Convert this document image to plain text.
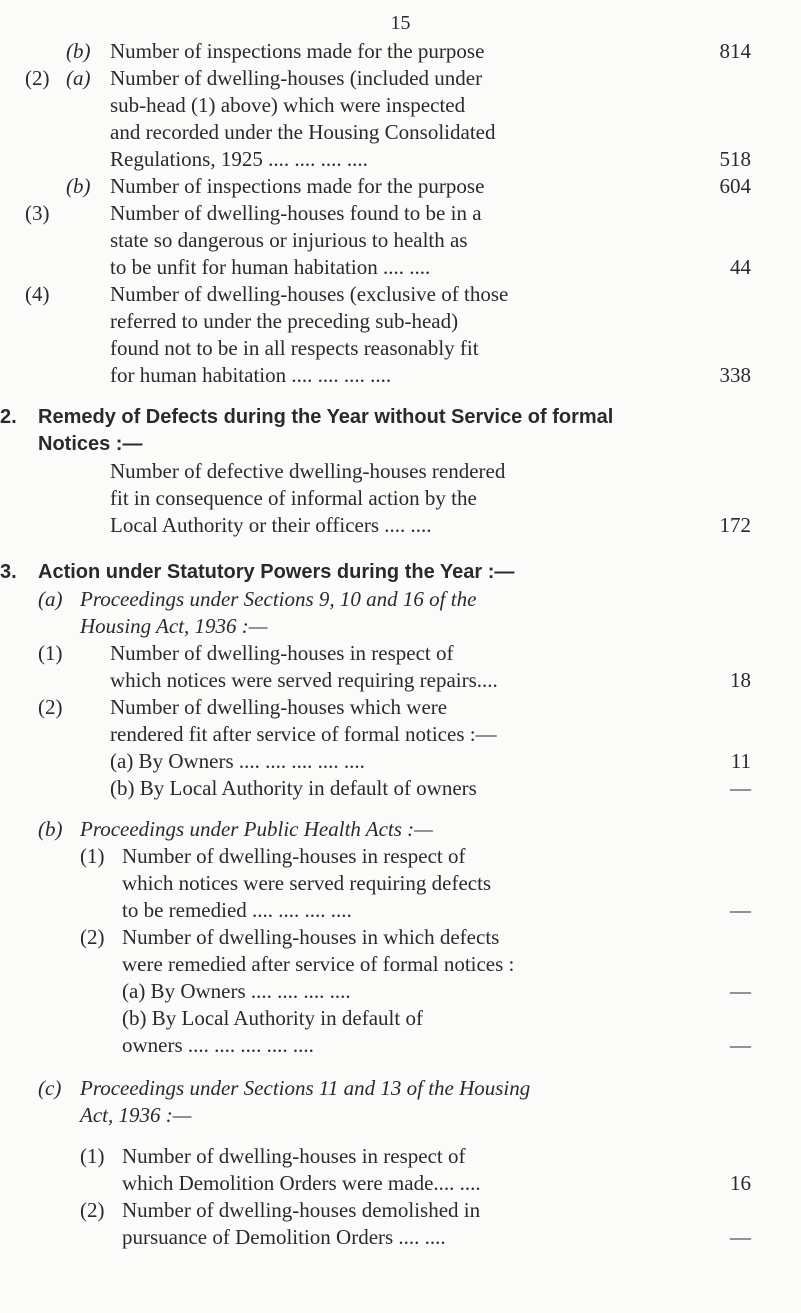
15
(b) Number of inspections made for the purpose	814
(2) (a) Number of dwelling-houses (included under
sub-head (1) above) which were inspected
and recorded under the Housing Consolidated
Regulations, 1925 .... .... .... ....	518
(b) Number of inspections made for the purpose	604
(3)	Number of dwelling-houses found to be in a
state so dangerous or injurious to health as
to be unfit for human habitation .... ....	44
(4)	Number of dwelling-houses (exclusive of those
referred to under the preceding sub-head)
found not to be in all respects reasonably fit
for human habitation .... .... .... ....	338
2. Remedy of Defects during the Year without Service of formal
Notices :—
Number of defective dwelling-houses rendered
fit in consequence of informal action by the
Local Authority or their officers .... ....	172
3. Action under Statutory Powers during the Year :—
(a) Proceedings under Sections 9, 10 and 16 of the
Housing Act, 1936 :—
(1) Number of dwelling-houses in respect of
which notices were served requiring repairs....	18
(2) Number of dwelling-houses which were
rendered fit after service of formal notices :—
(a) By Owners .... .... .... .... ....	11
(b) By Local Authority in default of owners	—
(b) Proceedings under Public Health Acts :—
(1) Number of dwelling-houses in respect of
which notices were served requiring defects
to be remedied .... .... .... ....	—
(2) Number of dwelling-houses in which defects
were remedied after service of formal notices :
(a) By Owners .... .... .... ....	—
(b) By Local Authority in default of
owners .... .... .... .... ....	—
(c) Proceedings under Sections 11 and 13 of the Housing
Act, 1936 :—
(1) Number of dwelling-houses in respect of
which Demolition Orders were made.... ....	16
(2) Number of dwelling-houses demolished in
pursuance of Demolition Orders .... ....	—
